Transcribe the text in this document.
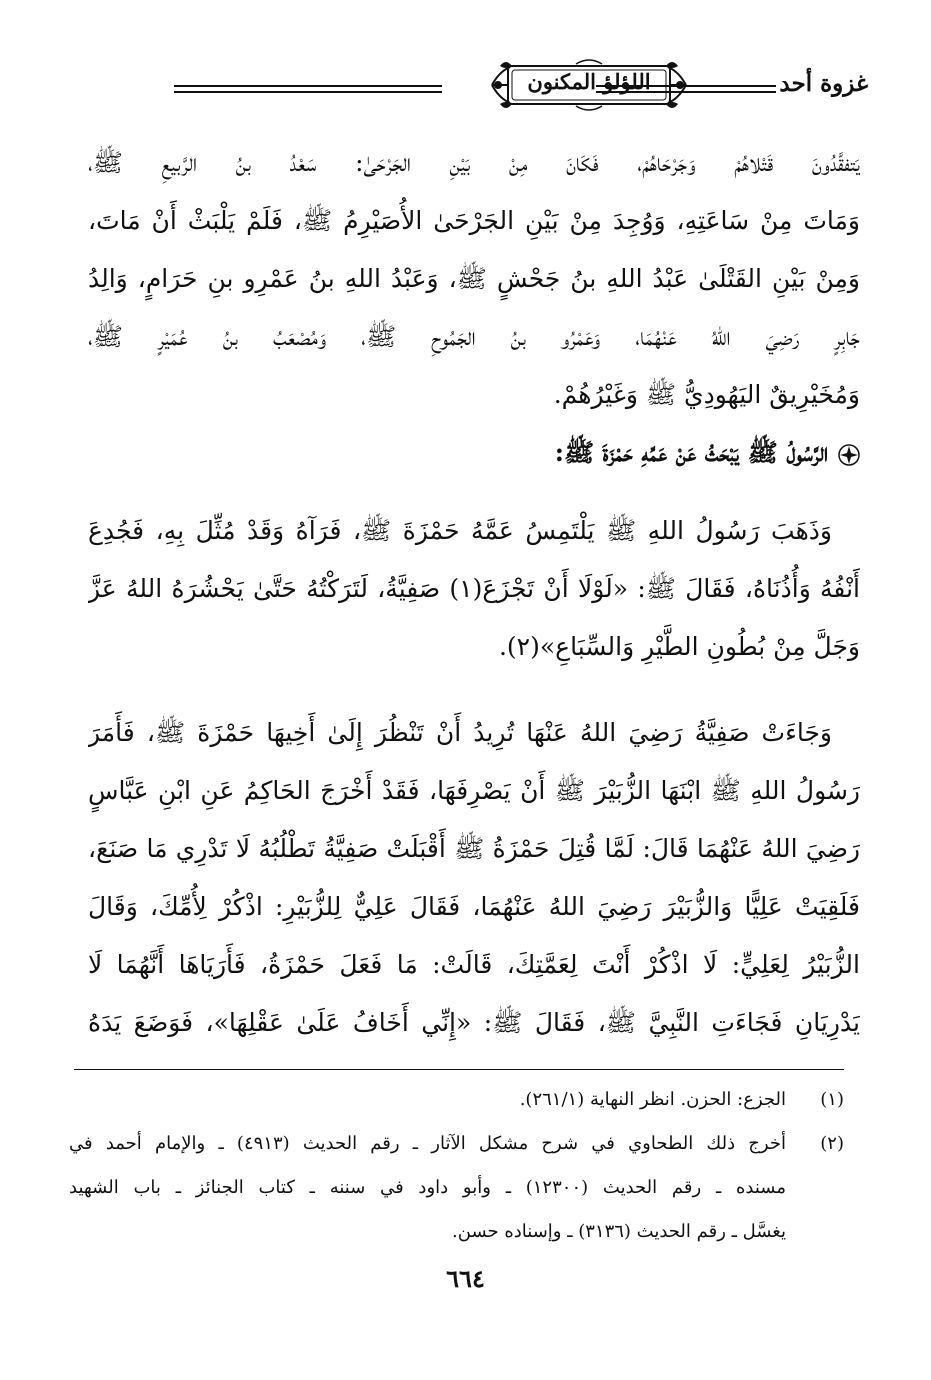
غزوة أحد
اللؤلؤ المكنون
يَتفقَّدُونَ قَتْلاهُمْ وَجَرْحَاهُمْ، فَكَانَ مِنْ بَيْنِ الجَرْحَىٰ: سَعْدُ بنُ الرَّبيعِ ﷺ،
وَمَاتَ مِنْ سَاعَتِهِ، وَوُجِدَ مِنْ بَيْنِ الجَرْحَىٰ الأُصَيْرِمُ ﷺ، فَلَمْ يَلْبَثْ أَنْ مَاتَ،
وَمِنْ بَيْنِ القَتْلَىٰ عَبْدُ اللهِ بنُ جَحْشٍ ﷺ، وَعَبْدُ اللهِ بنُ عَمْرِو بنِ حَرَامٍ، وَالِدُ
جَابِرٍ رَضِيَ اللهُ عَنْهُمَا، وَعَمْرُو بنُ الجَمُوحِ ﷺ، وَمُصْعَبُ بنُ عُمَيْرٍ ﷺ،
وَمُخَيْرِيقٌ اليَهُودِيُّ ﷺ وَغَيْرُهُمْ.
الرَّسُولُ ﷺ يَبْحَثُ عَنْ عَمِّهِ حَمْزَةَ ﷺ:
وَذَهَبَ رَسُولُ اللهِ ﷺ يَلْتَمِسُ عَمَّهُ حَمْزَةَ ﷺ، فَرَآهُ وَقَدْ مُثِّلَ بِهِ، فَجُدِعَ
أَنْفُهُ وَأُذُنَاهُ، فَقَالَ ﷺ: «لَوْلَا أَنْ تَجْزَعَ(١) صَفِيَّةُ، لَتَرَكْتُهُ حَتَّىٰ يَحْشُرَهُ اللهُ عَزَّ
وَجَلَّ مِنْ بُطُونِ الطَّيْرِ وَالسِّبَاعِ»(٢).
وَجَاءَتْ صَفِيَّةُ رَضِيَ اللهُ عَنْهَا تُرِيدُ أَنْ تَنْظُرَ إِلَىٰ أَخِيهَا حَمْزَةَ ﷺ، فَأَمَرَ
رَسُولُ اللهِ ﷺ ابْنَهَا الزُّبَيْرَ ﷺ أَنْ يَصْرِفَهَا، فَقَدْ أَخْرَجَ الحَاكِمُ عَنِ ابْنِ عَبَّاسٍ
رَضِيَ اللهُ عَنْهُمَا قَالَ: لَمَّا قُتِلَ حَمْزَةُ ﷺ أَقْبَلَتْ صَفِيَّةُ تَطْلُبُهُ لَا تَدْرِي مَا صَنَعَ،
فَلَقِيَتْ عَلِيًّا وَالزُّبَيْرَ رَضِيَ اللهُ عَنْهُمَا، فَقَالَ عَلِيٌّ لِلزُّبَيْرِ: اذْكُرْ لِأُمِّكَ، وَقَالَ
الزُّبَيْرُ لِعَلِيٍّ: لَا اذْكُرْ أَنْتَ لِعَمَّتِكَ، قَالَتْ: مَا فَعَلَ حَمْزَةُ، فَأَرَيَاهَا أَنَّهُمَا لَا
يَدْرِيَانِ فَجَاءَتِ النَّبِيَّ ﷺ، فَقَالَ ﷺ: «إِنِّي أَخَافُ عَلَىٰ عَقْلِهَا»، فَوَضَعَ يَدَهُ
(١)
الجزع: الحزن. انظر النهاية (٢٦١/١).
(٢)
أخرج ذلك الطحاوي في شرح مشكل الآثار ـ رقم الحديث (٤٩١٣) ـ والإمام أحمد في
مسنده ـ رقم الحديث (١٢٣٠٠) ـ وأبو داود في سننه ـ كتاب الجنائز ـ باب الشهيد
يغسَّل ـ رقم الحديث (٣١٣٦) ـ وإسناده حسن.
٦٦٤
